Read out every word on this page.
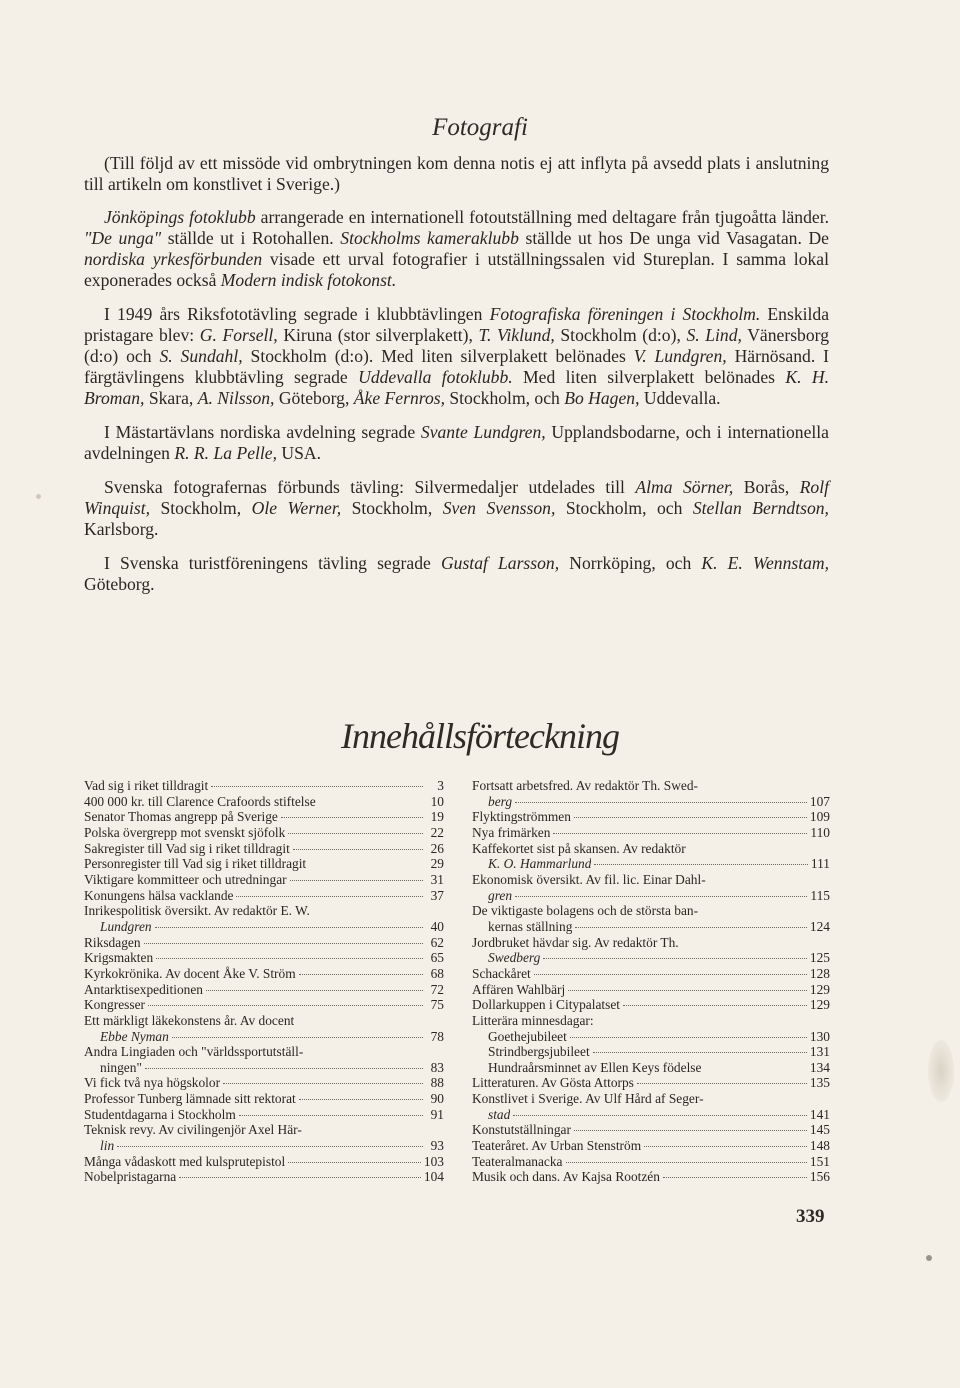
Fotografi

(Till följd av ett missöde vid ombrytningen kom denna notis ej att inflyta på avsedd plats i anslutning till artikeln om konstlivet i Sverige.)

Jönköpings fotoklubb arrangerade en internationell fotoutställning med deltagare från tjugoåtta länder. "De unga" ställde ut i Rotohallen. Stockholms kameraklubb ställde ut hos De unga vid Vasagatan. De nordiska yrkesförbunden visade ett urval fotografier i utställningssalen vid Stureplan. I samma lokal exponerades också Modern indisk fotokonst.

I 1949 års Riksfototävling segrade i klubbtävlingen Fotografiska föreningen i Stockholm. Enskilda pristagare blev: G. Forsell, Kiruna (stor silverplakett), T. Viklund, Stockholm (d:o), S. Lind, Vänersborg (d:o) och S. Sundahl, Stockholm (d:o). Med liten silverplakett belönades V. Lundgren, Härnösand. I färgtävlingens klubbtävling segrade Uddevalla fotoklubb. Med liten silverplakett belönades K. H. Broman, Skara, A. Nilsson, Göteborg, Åke Fernros, Stockholm, och Bo Hagen, Uddevalla.

I Mästartävlans nordiska avdelning segrade Svante Lundgren, Upplandsbodarne, och i internationella avdelningen R. R. La Pelle, USA.

Svenska fotografernas förbunds tävling: Silvermedaljer utdelades till Alma Sörner, Borås, Rolf Winquist, Stockholm, Ole Werner, Stockholm, Sven Svensson, Stockholm, och Stellan Berndtson, Karlsborg.

I Svenska turistföreningens tävling segrade Gustaf Larsson, Norrköping, och K. E. Wennstam, Göteborg.

Innehållsförteckning
Vad sig i riket tilldragit	3
400 000 kr. till Clarence Crafoords stiftelse	10
Senator Thomas angrepp på Sverige	19
Polska övergrepp mot svenskt sjöfolk	22
Sakregister till Vad sig i riket tilldragit	26
Personregister till Vad sig i riket tilldragit	29
Viktigare kommitteer och utredningar	31
Konungens hälsa vacklande	37
Inrikespolitisk översikt. Av redaktör E. W.
Lundgren	40
Riksdagen	62
Krigsmakten	65
Kyrkokrönika. Av docent Åke V. Ström	68
Antarktisexpeditionen	72
Kongresser	75
Ett märkligt läkekonstens år. Av docent
Ebbe Nyman	78
Andra Lingiaden och "världssportutställ-
ningen"	83
Vi fick två nya högskolor	88
Professor Tunberg lämnade sitt rektorat	90
Studentdagarna i Stockholm	91
Teknisk revy. Av civilingenjör Axel Här-
lin	93
Många vådaskott med kulsprutepistol	103
Nobelpristagarna	104
Fortsatt arbetsfred. Av redaktör Th. Swed-
berg	107
Flyktingströmmen	109
Nya frimärken	110
Kaffekortet sist på skansen. Av redaktör
K. O. Hammarlund	111
Ekonomisk översikt. Av fil. lic. Einar Dahl-
gren	115
De viktigaste bolagens och de största ban-
kernas ställning	124
Jordbruket hävdar sig. Av redaktör Th.
Swedberg	125
Schackåret	128
Affären Wahlbärj	129
Dollarkuppen i Citypalatset	129
Litterära minnesdagar:
Goethejubileet	130
Strindbergsjubileet	131
Hundraårsminnet av Ellen Keys födelse	134
Litteraturen. Av Gösta Attorps	135
Konstlivet i Sverige. Av Ulf Hård af Seger-
stad	141
Konstutställningar	145
Teateråret. Av Urban Stenström	148
Teateralmanacka	151
Musik och dans. Av Kajsa Rootzén	156
339
